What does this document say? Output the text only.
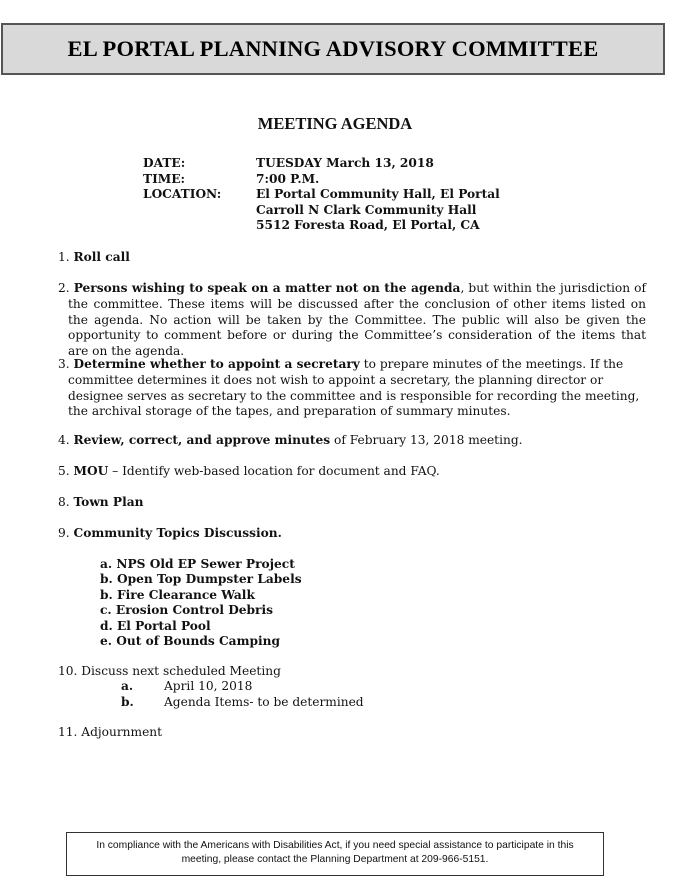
EL PORTAL PLANNING ADVISORY COMMITTEE
MEETING AGENDA
DATE:	TUESDAY March 13, 2018
TIME:	7:00 P.M.
LOCATION:	El Portal Community Hall, El Portal
Carroll N Clark Community Hall
5512 Foresta Road, El Portal, CA
1. Roll call
2. Persons wishing to speak on a matter not on the agenda, but within the jurisdiction of the committee. These items will be discussed after the conclusion of other items listed on the agenda. No action will be taken by the Committee. The public will also be given the opportunity to comment before or during the Committee’s consideration of the items that are on the agenda.
3. Determine whether to appoint a secretary to prepare minutes of the meetings. If the committee determines it does not wish to appoint a secretary, the planning director or designee serves as secretary to the committee and is responsible for recording the meeting, the archival storage of the tapes, and preparation of summary minutes.
4. Review, correct, and approve minutes of February 13, 2018 meeting.
5. MOU – Identify web-based location for document and FAQ.
8. Town Plan
9. Community Topics Discussion.
a. NPS Old EP Sewer Project
b. Open Top Dumpster Labels
b. Fire Clearance Walk
c. Erosion Control Debris
d. El Portal Pool
e. Out of Bounds Camping
10. Discuss next scheduled Meeting
a.	April 10, 2018
b.	Agenda Items- to be determined
11. Adjournment
In compliance with the Americans with Disabilities Act, if you need special assistance to participate in this
meeting, please contact the Planning Department at 209-966-5151.
